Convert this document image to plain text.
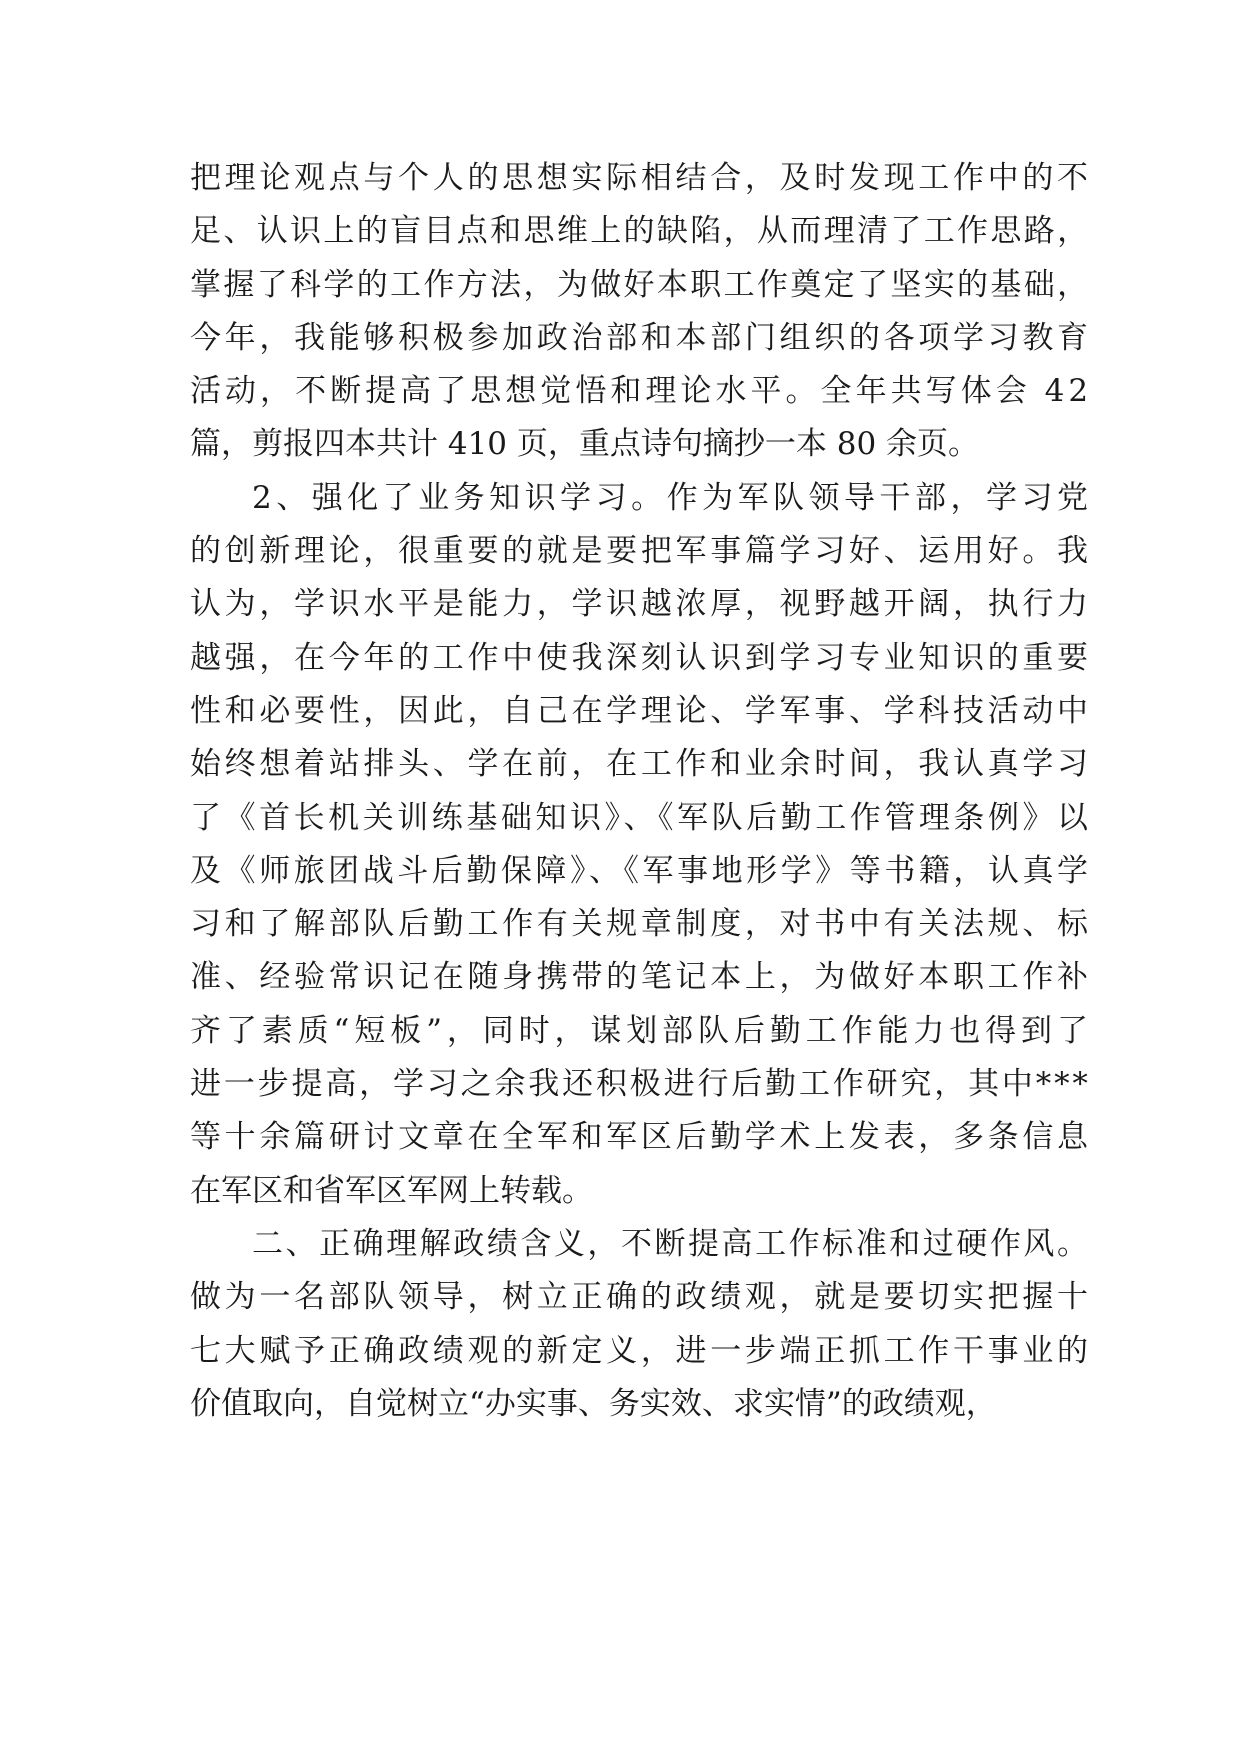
把理论观点与个人的思想实际相结合，及时发现工作中的不
足、认识上的盲目点和思维上的缺陷，从而理清了工作思路，
掌握了科学的工作方法，为做好本职工作奠定了坚实的基础，
今年，我能够积极参加政治部和本部门组织的各项学习教育
活动，不断提高了思想觉悟和理论水平。全年共写体会 42
篇，剪报四本共计 410 页，重点诗句摘抄一本 80 余页。
2、强化了业务知识学习。作为军队领导干部，学习党
的创新理论，很重要的就是要把军事篇学习好、运用好。我
认为，学识水平是能力，学识越浓厚，视野越开阔，执行力
越强，在今年的工作中使我深刻认识到学习专业知识的重要
性和必要性，因此，自己在学理论、学军事、学科技活动中
始终想着站排头、学在前，在工作和业余时间，我认真学习
了《首长机关训练基础知识》、《军队后勤工作管理条例》以
及《师旅团战斗后勤保障》、《军事地形学》等书籍，认真学
习和了解部队后勤工作有关规章制度，对书中有关法规、标
准、经验常识记在随身携带的笔记本上，为做好本职工作补
齐了素质“短板”，同时，谋划部队后勤工作能力也得到了
进一步提高，学习之余我还积极进行后勤工作研究，其中***
等十余篇研讨文章在全军和军区后勤学术上发表，多条信息
在军区和省军区军网上转载。
二、正确理解政绩含义，不断提高工作标准和过硬作风。
做为一名部队领导，树立正确的政绩观，就是要切实把握十
七大赋予正确政绩观的新定义，进一步端正抓工作干事业的
价值取向，自觉树立“办实事、务实效、求实情”的政绩观，
